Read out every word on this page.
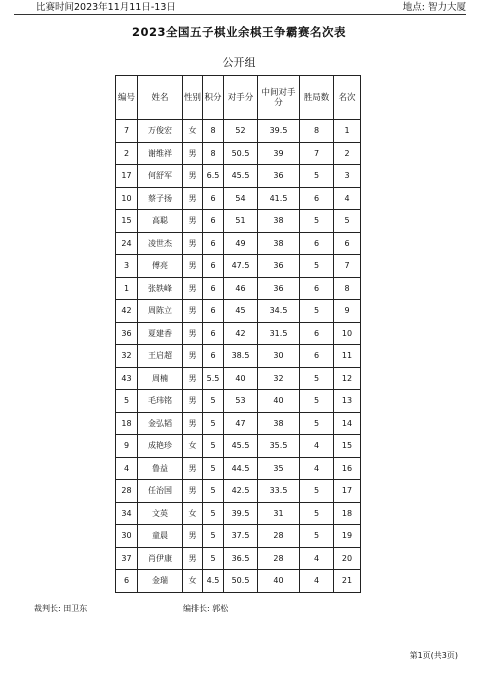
比赛时间2023年11月11日-13日	地点: 智力大厦
2023全国五子棋业余棋王争霸赛名次表
公开组
编号	姓名	性别	积分	对手分	中间对手分	胜局数	名次
7	万俊宏	女	8	52	39.5	8	1
2	谢维祥	男	8	50.5	39	7	2
17	何舒军	男	6.5	45.5	36	5	3
10	蔡子扬	男	6	54	41.5	6	4
15	高聪	男	6	51	38	5	5
24	凌世杰	男	6	49	38	6	6
3	傅亮	男	6	47.5	36	5	7
1	张轶峰	男	6	46	36	6	8
42	周陈立	男	6	45	34.5	5	9
36	夏建香	男	6	42	31.5	6	10
32	王启超	男	6	38.5	30	6	11
43	周楠	男	5.5	40	32	5	12
5	毛玮铭	男	5	53	40	5	13
18	金弘韬	男	5	47	38	5	14
9	成艳珍	女	5	45.5	35.5	4	15
4	鲁益	男	5	44.5	35	4	16
28	任治国	男	5	42.5	33.5	5	17
34	文英	女	5	39.5	31	5	18
30	童晨	男	5	37.5	28	5	19
37	肖伊康	男	5	36.5	28	4	20
6	金瑞	女	4.5	50.5	40	4	21
裁判长: 田卫东	编排长: 郭松
第1页(共3页)
